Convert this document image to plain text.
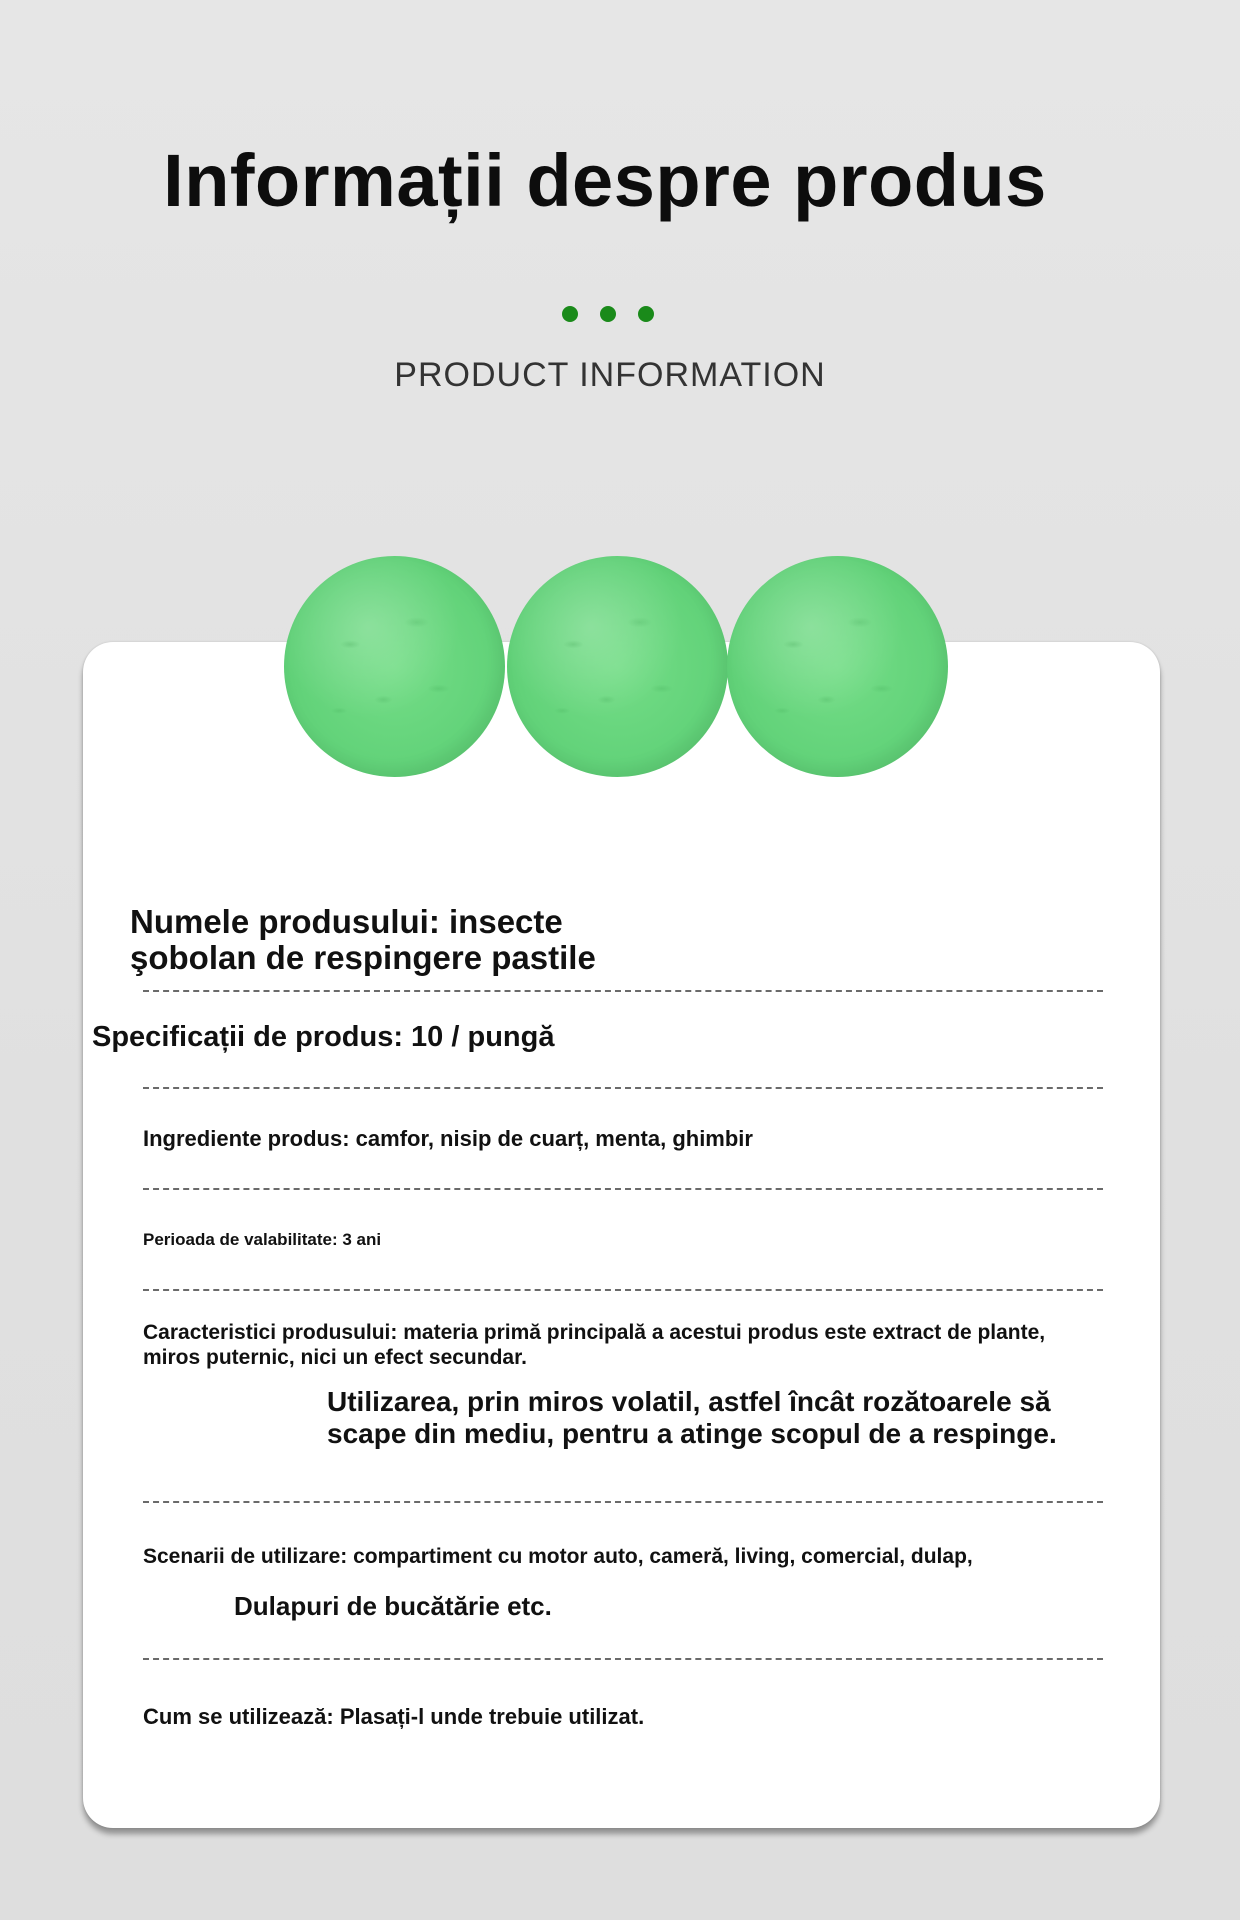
Informații despre produs
PRODUCT INFORMATION

Numele produsului: insecte şobolan de respingere pastile

Specificații de produs: 10 / pungă

Ingrediente produs: camfor, nisip de cuarț, menta, ghimbir

Perioada de valabilitate: 3 ani

Caracteristici produsului: materia primă principală a acestui produs este extract de plante, miros puternic, nici un efect secundar.

Utilizarea, prin miros volatil, astfel încât rozătoarele să scape din mediu, pentru a atinge scopul de a respinge.

Scenarii de utilizare: compartiment cu motor auto, cameră, living, comercial, dulap,

Dulapuri de bucătărie etc.

Cum se utilizează: Plasați-l unde trebuie utilizat.
